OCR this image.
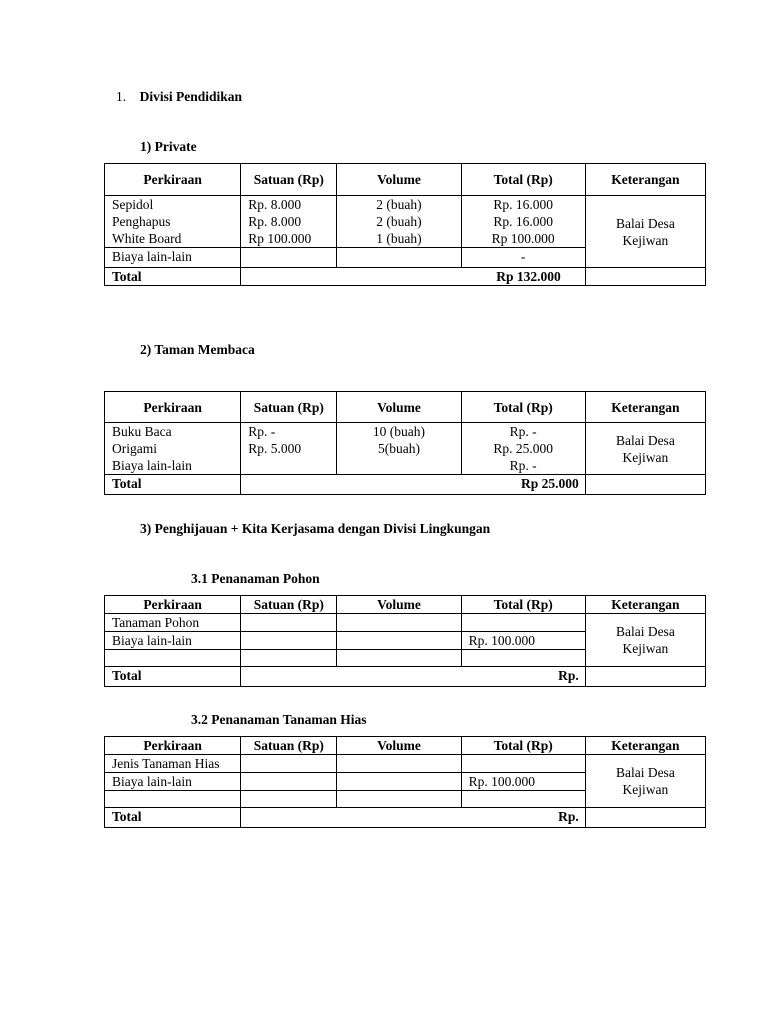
1. Divisi Pendidikan
1) Private
Perkiraan	Satuan (Rp)	Volume	Total (Rp)	Keterangan
Sepidol	Rp. 8.000	2 (buah)	Rp. 16.000	Balai Desa Kejiwan
Penghapus	Rp. 8.000	2 (buah)	Rp. 16.000	
White Board	Rp 100.000	1 (buah)	Rp 100.000	
Biaya lain-lain			-	
Total	Rp 132.000			
2) Taman Membaca
Perkiraan	Satuan (Rp)	Volume	Total (Rp)	Keterangan
Buku Baca	Rp. -	10 (buah)	Rp. -	Balai Desa Kejiwan
Origami	Rp. 5.000	5(buah)	Rp. 25.000	
Biaya lain-lain			Rp. -	
Total	Rp 25.000			
3) Penghijauan + Kita Kerjasama dengan Divisi Lingkungan
3.1 Penanaman Pohon
Perkiraan	Satuan (Rp)	Volume	Total (Rp)	Keterangan
Tanaman Pohon				Balai Desa Kejiwan
Biaya lain-lain			Rp. 100.000	

Total	Rp.			
3.2 Penanaman Tanaman Hias
Perkiraan	Satuan (Rp)	Volume	Total (Rp)	Keterangan
Jenis Tanaman Hias				Balai Desa Kejiwan
Biaya lain-lain			Rp. 100.000	

Total	Rp.			
